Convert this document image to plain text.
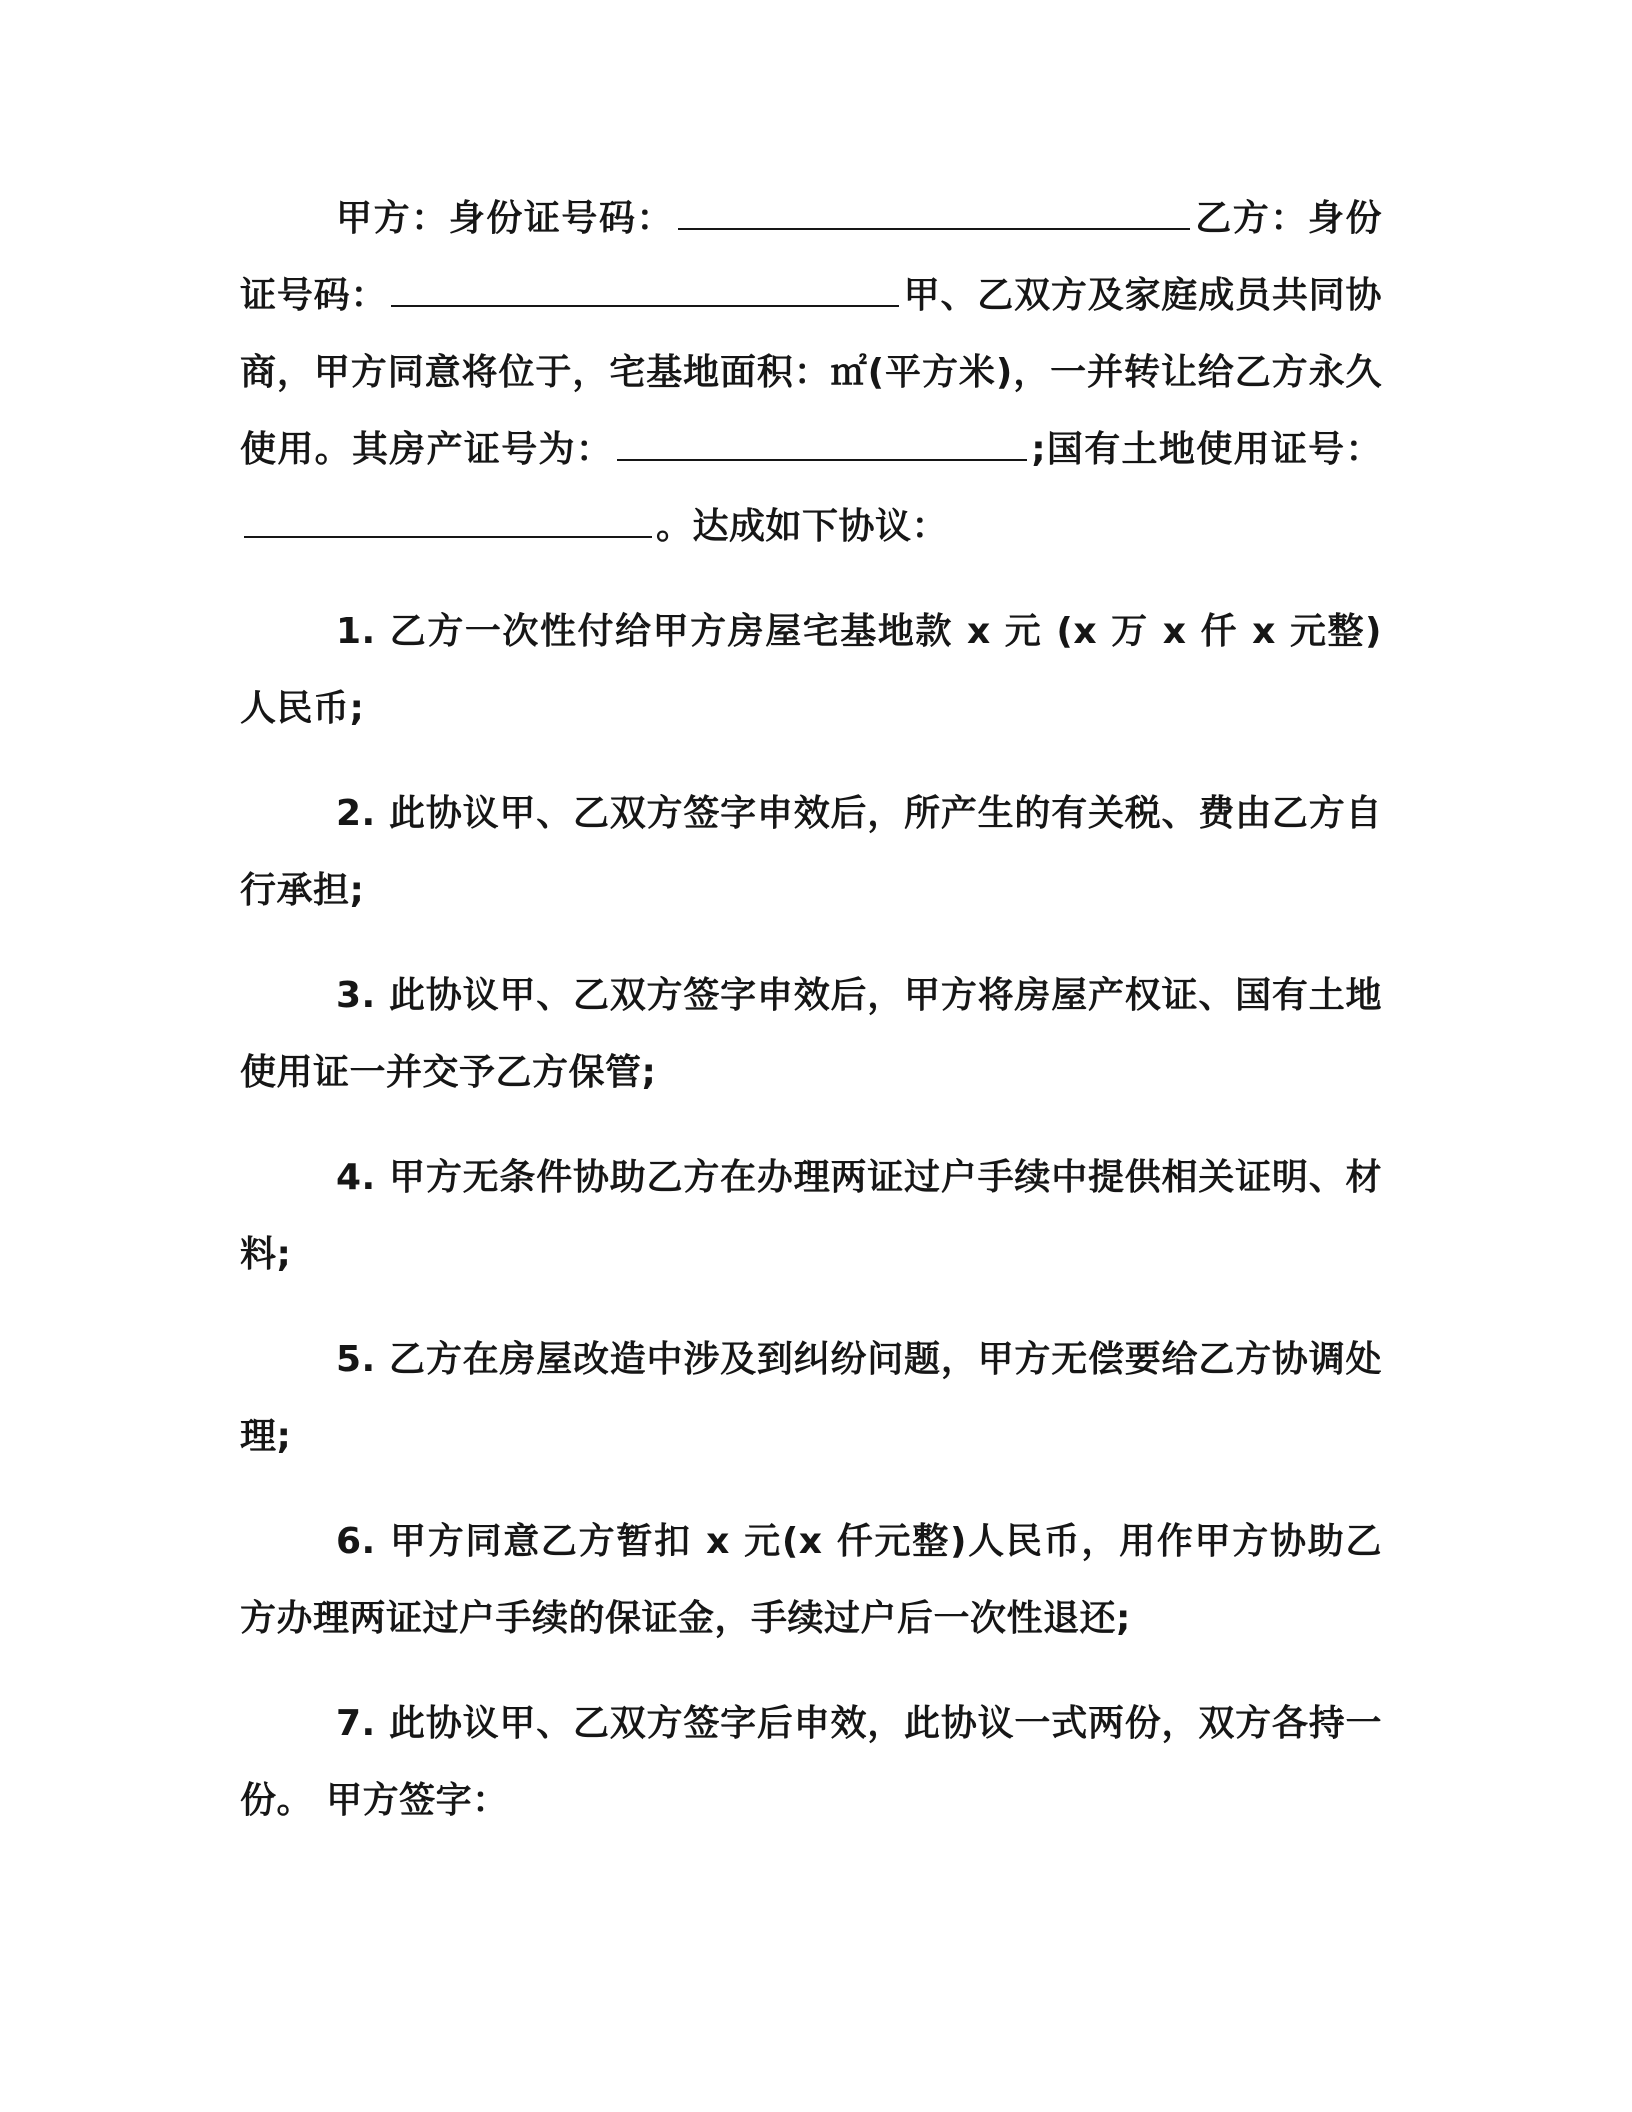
甲方：身份证号码：	乙方：身份证号码：	甲、乙双方及家庭成员共同协商，甲方同意将位于，宅基地面积：㎡(平方米)，一并转让给乙方永久使用。其房产证号为：	;国有土地使用证号：。达成如下协议：

1. 乙方一次性付给甲方房屋宅基地款 x 元 (x 万 x 仟 x 元整) 人民币;

2. 此协议甲、乙双方签字申效后，所产生的有关税、费由乙方自行承担;

3. 此协议甲、乙双方签字申效后，甲方将房屋产权证、国有土地使用证一并交予乙方保管;

4. 甲方无条件协助乙方在办理两证过户手续中提供相关证明、材料;

5. 乙方在房屋改造中涉及到纠纷问题，甲方无偿要给乙方协调处理;

6. 甲方同意乙方暂扣 x 元(x 仟元整)人民币，用作甲方协助乙方办理两证过户手续的保证金，手续过户后一次性退还;

7. 此协议甲、乙双方签字后申效，此协议一式两份，双方各持一份。 甲方签字：
